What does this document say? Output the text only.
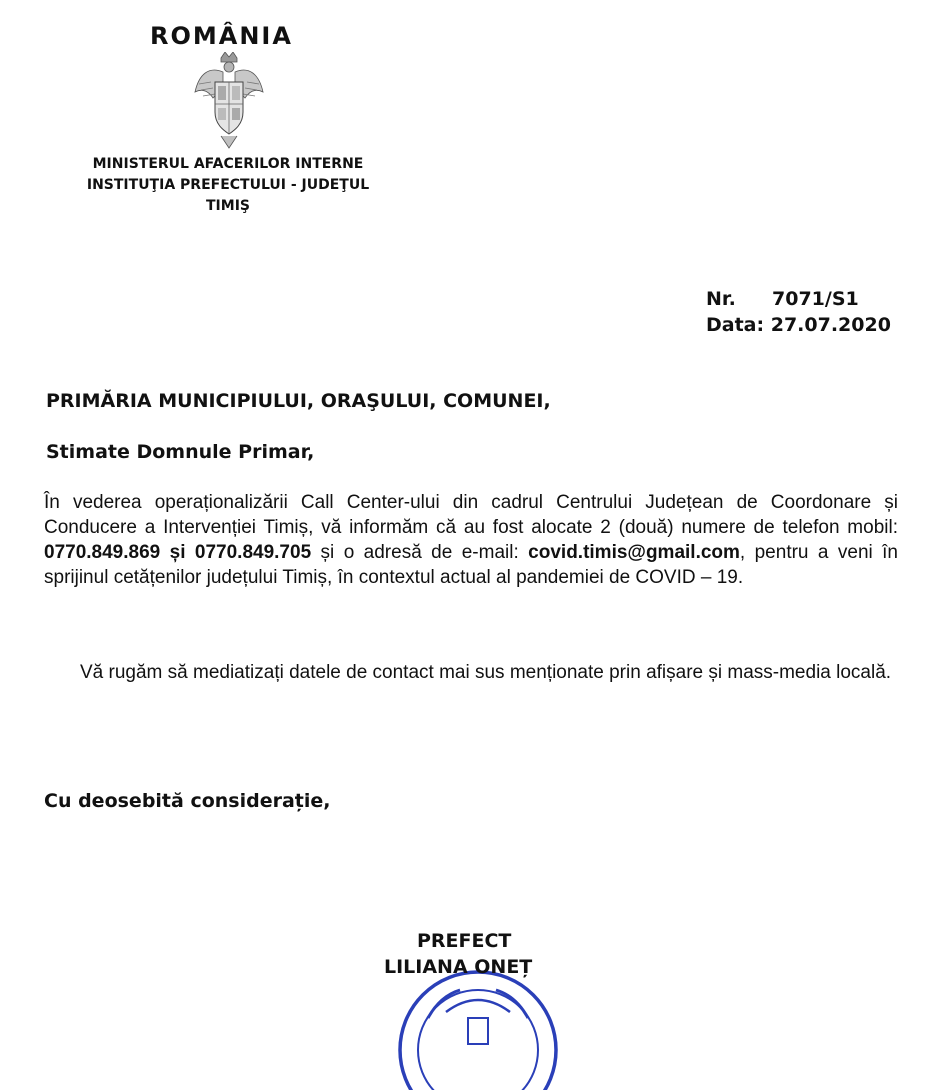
ROMÂNIA
MINISTERUL AFACERILOR INTERNE
INSTITUŢIA PREFECTULUI - JUDEŢUL
TIMIŞ
Nr. 7071/S1
Data: 27.07.2020
PRIMĂRIA MUNICIPIULUI, ORAŞULUI, COMUNEI,
Stimate Domnule Primar,
În vederea operaționalizării Call Center-ului din cadrul Centrului Județean de Coordonare și Conducere a Intervenției Timiș, vă informăm că au fost alocate 2 (două) numere de telefon mobil: 0770.849.869 și 0770.849.705 și o adresă de e-mail: covid.timis@gmail.com, pentru a veni în sprijinul cetățenilor județului Timiș, în contextul actual al pandemiei de COVID – 19.
Vă rugăm să mediatizați datele de contact mai sus menționate prin afișare și mass-media locală.
Cu deosebită considerație,
PREFECT
LILIANA ONEȚ
